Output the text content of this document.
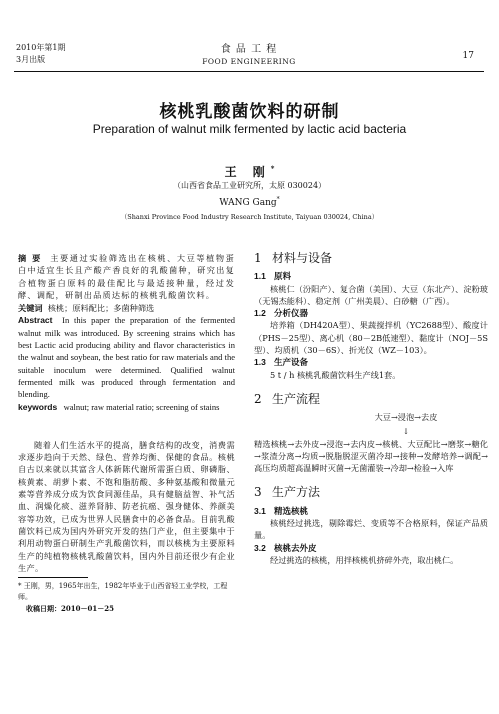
2010年第1期
3月出版
食 品 工 程
FOOD ENGINEERING
17
核桃乳酸菌饮料的研制
Preparation of walnut milk fermented by lactic acid bacteria
王 刚*
（山西省食品工业研究所，太原 030024）
WANG Gang*
（Shanxi Province Food Industry Research Institute, Taiyuan 030024, China）

摘 要 主要通过实验筛选出在核桃、大豆等植物蛋白中适宜生长且产酸产香良好的乳酸菌种，研究出复合植物蛋白原料的最佳配比与最适接种量，经过发酵、调配，研制出品质达标的核桃乳酸菌饮料。

关键词 核桃；原料配比；多菌种筛选

Abstract In this paper the preparation of the fermented walnut milk was introduced. By screening strains which has best Lactic acid producing ability and flavor characteristics in the walnut and soybean, the best ratio for raw materials and the suitable inoculum were determined. Qualified walnut fermented milk was produced through fermentation and blending.

keywords walnut; raw material ratio; screening of stains

随着人们生活水平的提高，膳食结构的改变，消费需求逐步趋向于天然、绿色、营养均衡、保健的食品。核桃自古以来就以其富含人体新陈代谢所需蛋白质、卵磷脂、核黄素、胡萝卜素、不饱和脂肪酸、多种氨基酸和微量元素等营养成分成为饮食同源佳品，具有健脑益智、补气活血、润燥化痰、滋养肾肺、防老抗癌、强身健体、养颜美容等功效，已成为世界人民膳食中的必备食品。目前乳酸菌饮料已成为国内外研究开发的热门产业，但主要集中于利用动物蛋白研制生产乳酸菌饮料，而以核桃为主要原料生产的纯植物核桃乳酸菌饮料，国内外目前还很少有企业生产。

* 王刚，男，1965年出生，1982年毕业于山西省轻工业学校，工程师。

收稿日期：2010－01－25

1 材料与设备
1.1 原料

核桃仁（汾阳产）、复合菌（美国）、大豆（东北产）、淀粉玻（无锡杰能科）、稳定剂（广州美晨）、白砂糖（广西）。

1.2 分析仪器

培养箱（DH420A型）、果蔬搅拌机（YC2688型）、酸度计（PHS－25型）、离心机（80－2B低速型）、黏度计（NOJ－5S型）、均质机（30－6S）、折光仪（WZ－103）。

1.3 生产设备

5 t / h 核桃乳酸菌饮料生产线1套。

2 生产流程

大豆→浸泡→去皮

↓

精选核桃→去外皮→浸泡→去内皮→核桃、大豆配比→磨浆→糖化→浆渣分离→均质→脱脂脱涩灭菌冷却→接种→发酵培养→调配→高压均质超高温瞬时灭菌→无菌灌装→冷却→检验→入库

3 生产方法
3.1 精选核桃

核桃经过挑选，剔除霉烂、变质等不合格原料，保证产品质量。

3.2 核桃去外皮

经过挑选的核桃，用拌核桃机挤碎外壳，取出桃仁。
